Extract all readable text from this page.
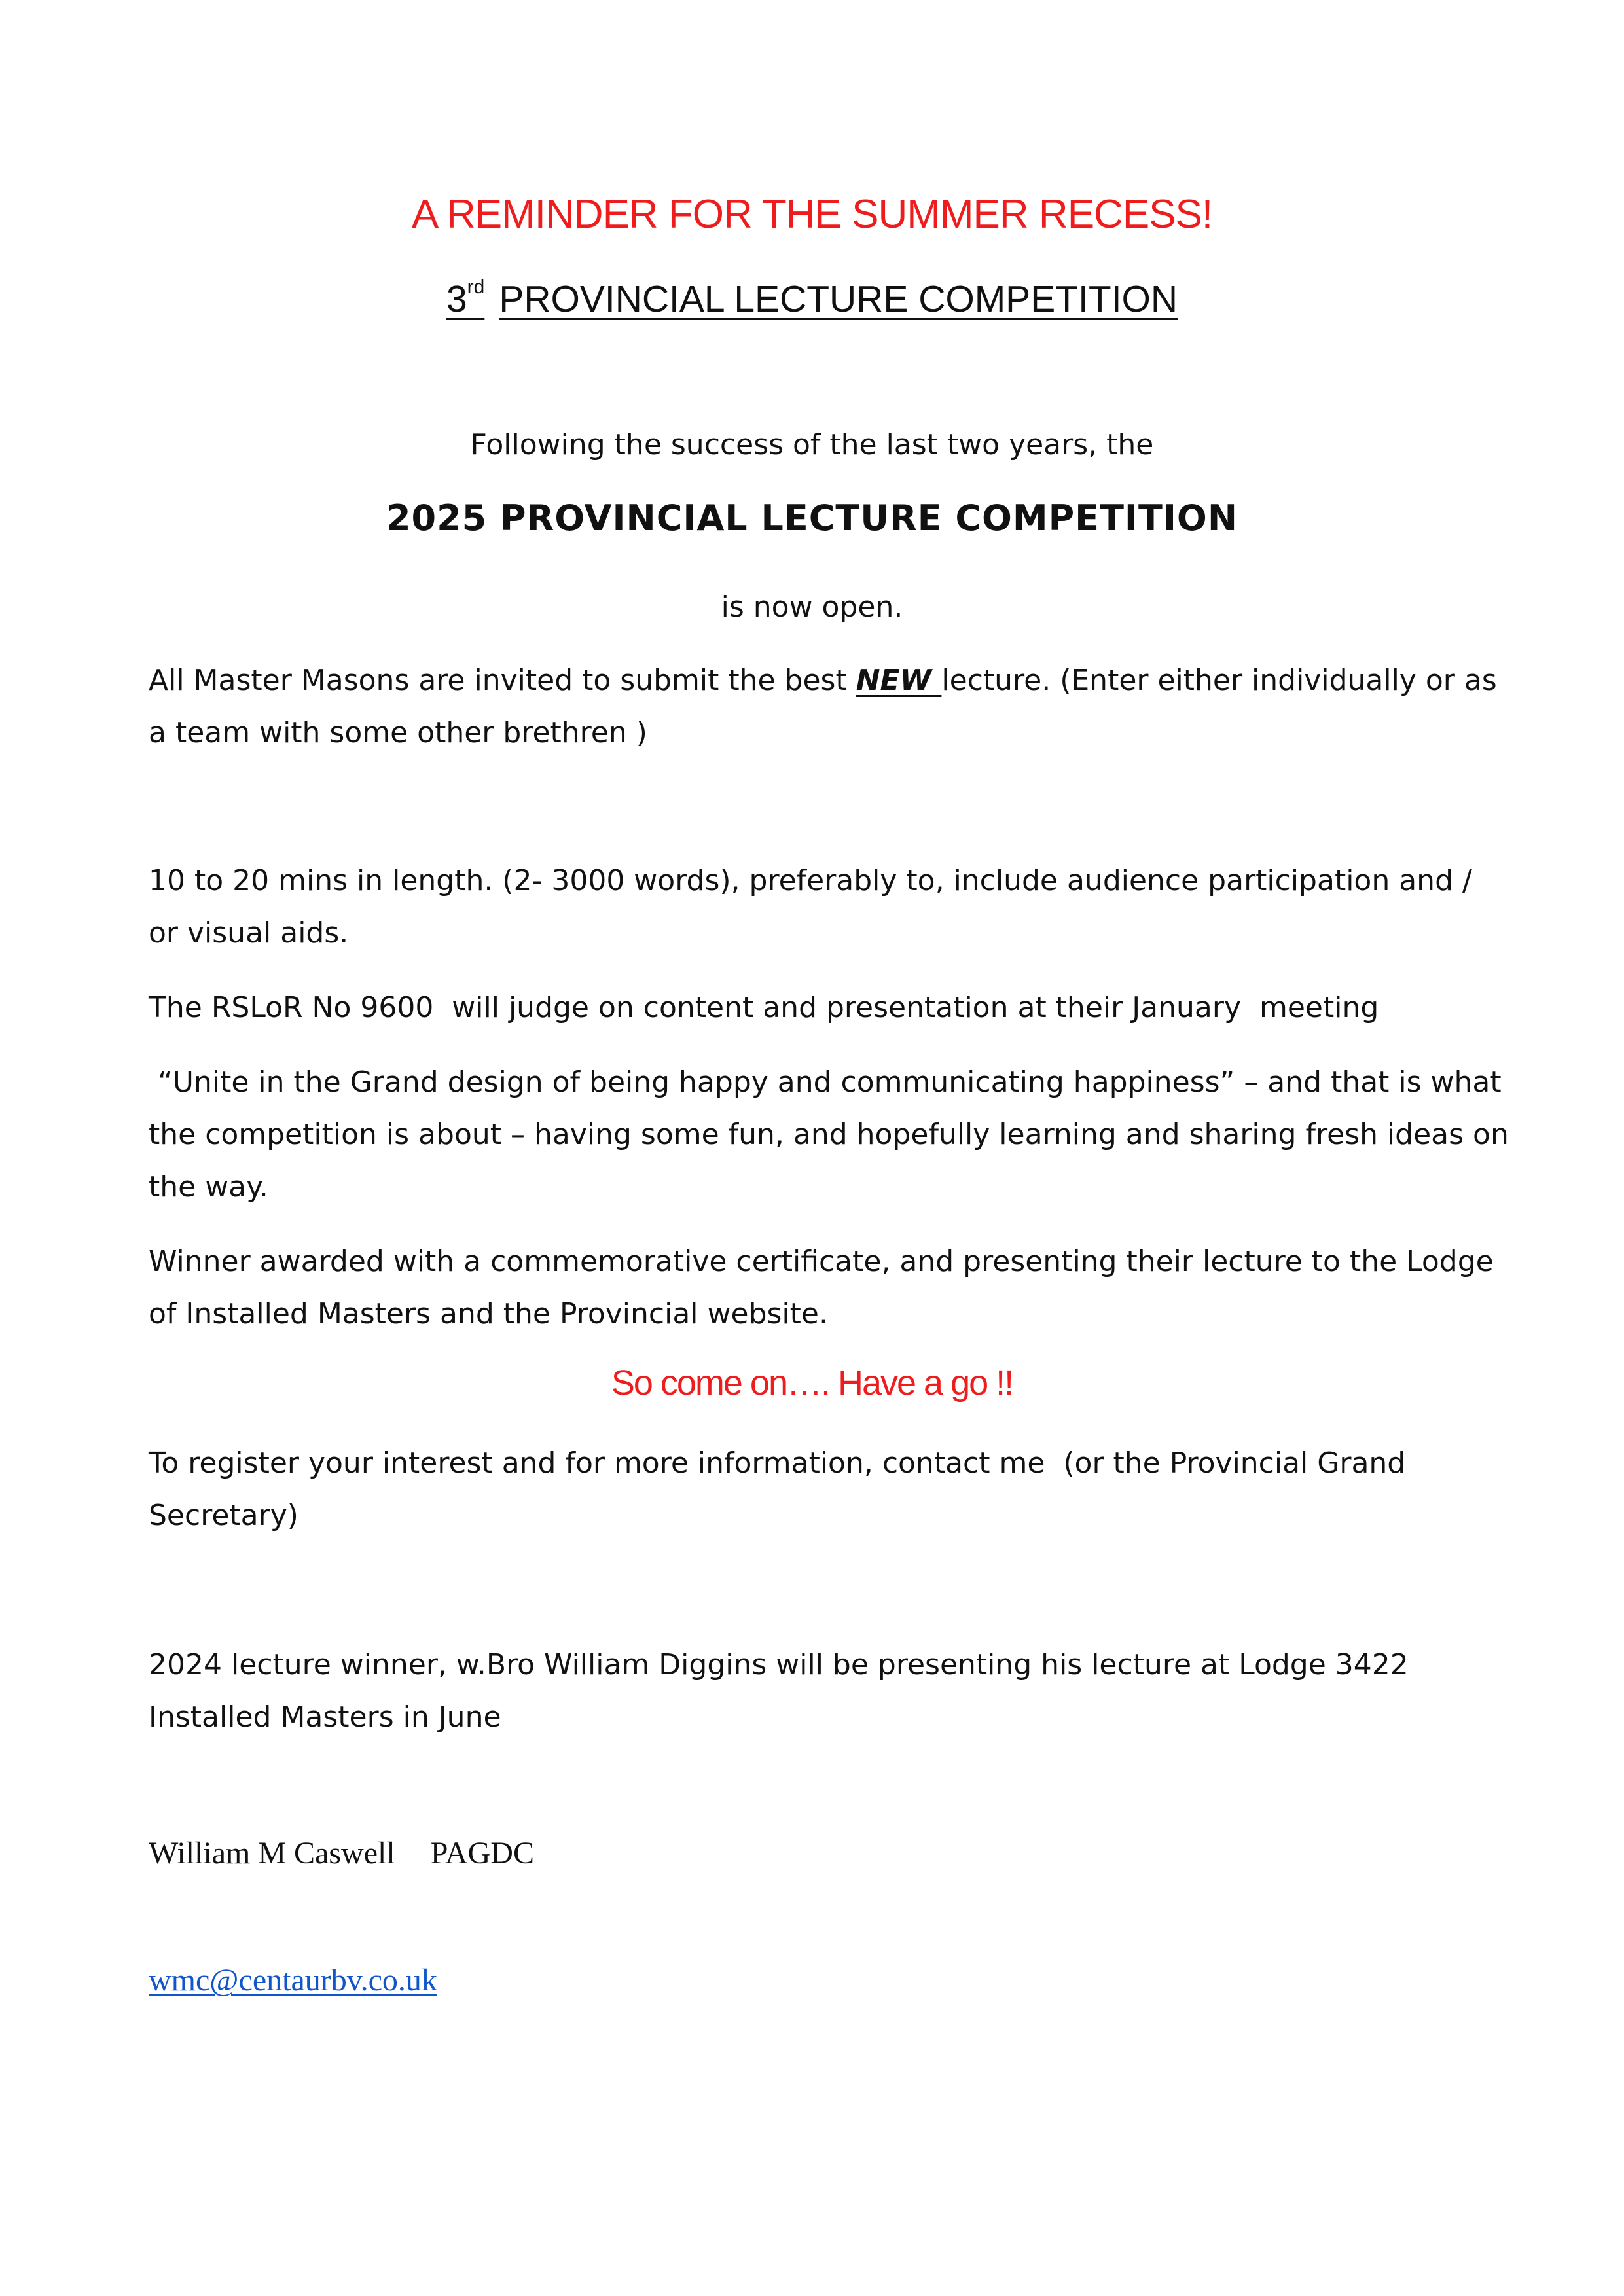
A REMINDER FOR THE SUMMER RECESS!
3rd PROVINCIAL LECTURE COMPETITION
Following the success of the last two years, the
2025 PROVINCIAL LECTURE COMPETITION
is now open.

All Master Masons are invited to submit the best NEW lecture. (Enter either individually or as a team with some other brethren )

10 to 20 mins in length. (2- 3000 words), preferably to, include audience participation and / or visual aids.

The RSLoR No 9600  will judge on content and presentation at their January  meeting

“Unite in the Grand design of being happy and communicating happiness” – and that is what the competition is about – having some fun, and hopefully learning and sharing fresh ideas on the way.

Winner awarded with a commemorative certificate, and presenting their lecture to the Lodge of Installed Masters and the Provincial website.

So come on…. Have a go !!

To register your interest and for more information, contact me  (or the Provincial Grand Secretary)

2024 lecture winner, w.Bro William Diggins will be presenting his lecture at Lodge 3422 Installed Masters in June

William M Caswell PAGDC
wmc@centaurbv.co.uk
